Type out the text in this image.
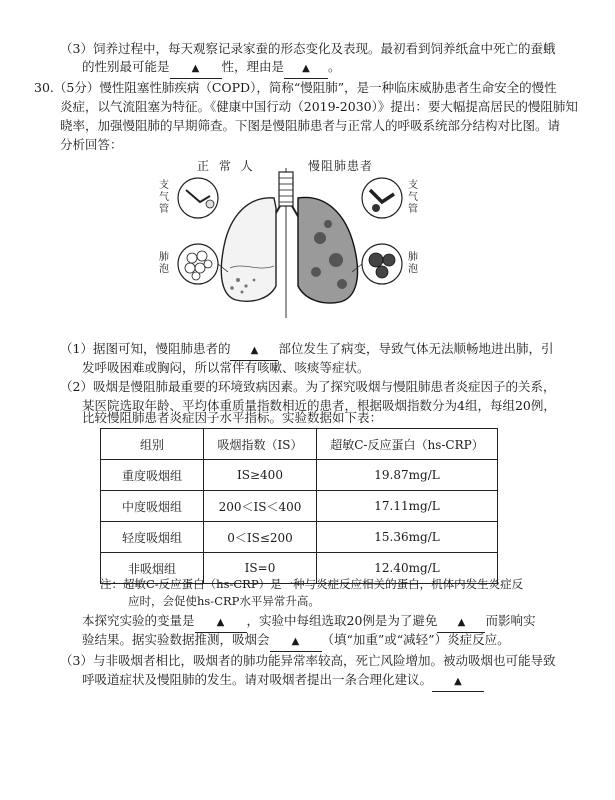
（3）饲养过程中，每天观察记录家蚕的形态变化及表现。最初看到饲养纸盒中死亡的蚕蛾
的性别最可能是 ▲ 性，理由是 ▲ 。
30.（5分）慢性阻塞性肺疾病（COPD），简称“慢阻肺”，是一种临床威胁患者生命安全的慢性
炎症，以气流阻塞为特征。《健康中国行动（2019-2030）》提出：要大幅提高居民的慢阻肺知
晓率，加强慢阻肺的早期筛查。下图是慢阻肺患者与正常人的呼吸系统部分结构对比图。请
分析回答：
正 常 人	慢阻肺患者
支气管
肺泡
支气管
肺泡
（1）据图可知，慢阻肺患者的 ▲ 部位发生了病变，导致气体无法顺畅地进出肺，引
发呼吸困难或胸闷，所以常伴有咳嗽、咳痰等症状。
（2）吸烟是慢阻肺最重要的环境致病因素。为了探究吸烟与慢阻肺患者炎症因子的关系，
某医院选取年龄、平均体重质量指数相近的患者，根据吸烟指数分为4组，每组20例，
比较慢阻肺患者炎症因子水平指标。实验数据如下表：
组别	吸烟指数（IS）	超敏C-反应蛋白（hs-CRP）
重度吸烟组	IS≥400	19.87mg/L
中度吸烟组	200＜IS＜400	17.11mg/L
轻度吸烟组	0＜IS≤200	15.36mg/L
非吸烟组	IS=0	12.40mg/L
注：超敏C-反应蛋白（hs-CRP）是一种与炎症反应相关的蛋白，机体内发生炎症反
应时，会促使hs-CRP水平异常升高。
本探究实验的变量是 ▲ ，实验中每组选取20例是为了避免 ▲ 而影响实
验结果。据实验数据推测，吸烟会 ▲ （填“加重”或“减轻”）炎症反应。
（3）与非吸烟者相比，吸烟者的肺功能异常率较高，死亡风险增加。被动吸烟也可能导致
呼吸道症状及慢阻肺的发生。请对吸烟者提出一条合理化建议。 ▲
